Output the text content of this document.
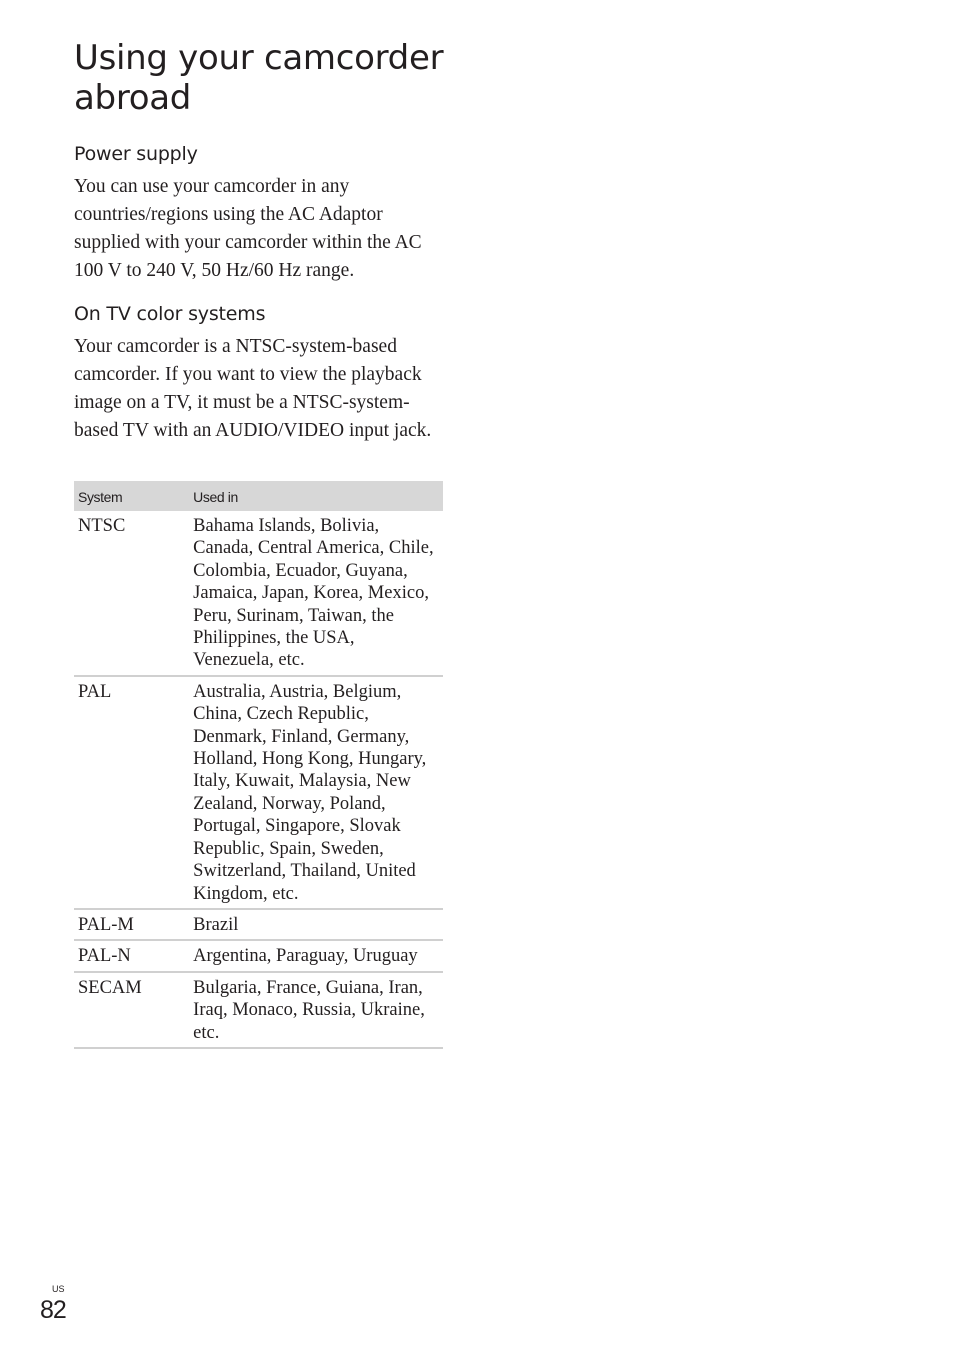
Using your camcorder abroad
Power supply

You can use your camcorder in any countries/regions using the AC Adaptor supplied with your camcorder within the AC 100 V to 240 V, 50 Hz/60 Hz range.

On TV color systems

Your camcorder is a NTSC-system-based camcorder. If you want to view the playback image on a TV, it must be a NTSC-system-based TV with an AUDIO/VIDEO input jack.

System	Used in
NTSC	Bahama Islands, Bolivia, Canada, Central America, Chile, Colombia, Ecuador, Guyana, Jamaica, Japan, Korea, Mexico, Peru, Surinam, Taiwan, the Philippines, the USA, Venezuela, etc.
PAL	Australia, Austria, Belgium, China, Czech Republic, Denmark, Finland, Germany, Holland, Hong Kong, Hungary, Italy, Kuwait, Malaysia, New Zealand, Norway, Poland, Portugal, Singapore, Slovak Republic, Spain, Sweden, Switzerland, Thailand, United Kingdom, etc.
PAL-M	Brazil
PAL-N	Argentina, Paraguay, Uruguay
SECAM	Bulgaria, France, Guiana, Iran, Iraq, Monaco, Russia, Ukraine, etc.
US
82
